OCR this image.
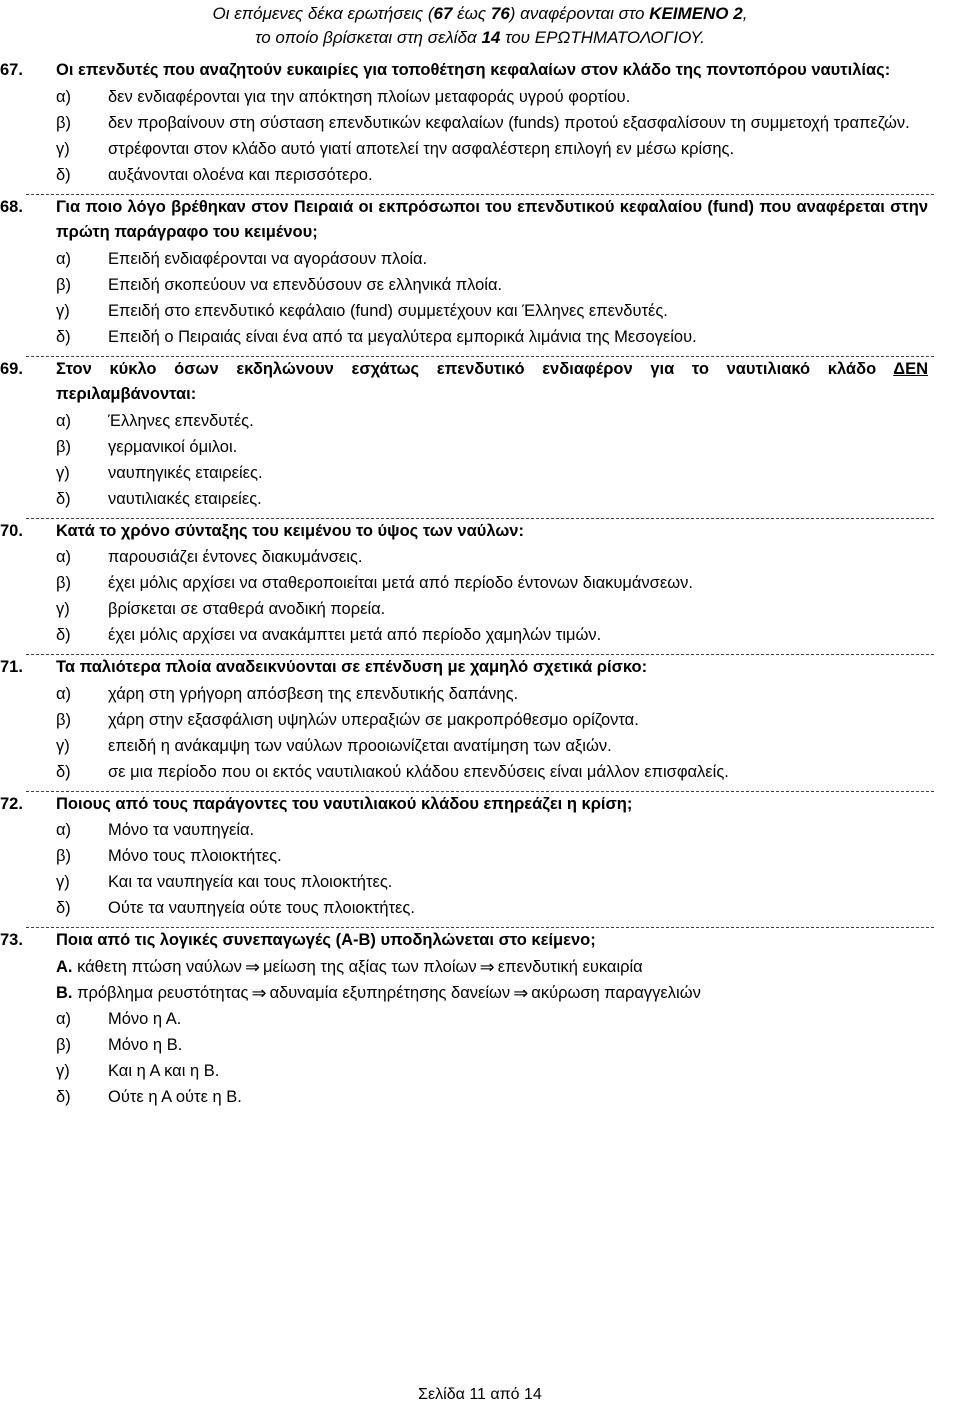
Οι επόμενες δέκα ερωτήσεις (67 έως 76) αναφέρονται στο ΚΕΙΜΕΝΟ 2,
το οποίο βρίσκεται στη σελίδα 14 του ΕΡΩΤΗΜΑΤΟΛΟΓΙΟΥ.
67.	Οι επενδυτές που αναζητούν ευκαιρίες για τοποθέτηση κεφαλαίων στον κλάδο της ποντοπόρου ναυτιλίας:
α) δεν ενδιαφέρονται για την απόκτηση πλοίων μεταφοράς υγρού φορτίου.
β) δεν προβαίνουν στη σύσταση επενδυτικών κεφαλαίων (funds) προτού εξασφαλίσουν τη συμμετοχή τραπεζών.
γ) στρέφονται στον κλάδο αυτό γιατί αποτελεί την ασφαλέστερη επιλογή εν μέσω κρίσης.
δ) αυξάνονται ολοένα και περισσότερο.
68.	Για ποιο λόγο βρέθηκαν στον Πειραιά οι εκπρόσωποι του επενδυτικού κεφαλαίου (fund) που αναφέρεται στην πρώτη παράγραφο του κειμένου;
α) Επειδή ενδιαφέρονται να αγοράσουν πλοία.
β) Επειδή σκοπεύουν να επενδύσουν σε ελληνικά πλοία.
γ) Επειδή στο επενδυτικό κεφάλαιο (fund) συμμετέχουν και Έλληνες επενδυτές.
δ) Επειδή ο Πειραιάς είναι ένα από τα μεγαλύτερα εμπορικά λιμάνια της Μεσογείου.
69.	Στον κύκλο όσων εκδηλώνουν εσχάτως επενδυτικό ενδιαφέρον για το ναυτιλιακό κλάδο ΔΕΝ περιλαμβάνονται:
α) Έλληνες επενδυτές.
β) γερμανικοί όμιλοι.
γ) ναυπηγικές εταιρείες.
δ) ναυτιλιακές εταιρείες.
70.	Κατά το χρόνο σύνταξης του κειμένου το ύψος των ναύλων:
α) παρουσιάζει έντονες διακυμάνσεις.
β) έχει μόλις αρχίσει να σταθεροποιείται μετά από περίοδο έντονων διακυμάνσεων.
γ) βρίσκεται σε σταθερά ανοδική πορεία.
δ) έχει μόλις αρχίσει να ανακάμπτει μετά από περίοδο χαμηλών τιμών.
71.	Τα παλιότερα πλοία αναδεικνύονται σε επένδυση με χαμηλό σχετικά ρίσκο:
α) χάρη στη γρήγορη απόσβεση της επενδυτικής δαπάνης.
β) χάρη στην εξασφάλιση υψηλών υπεραξιών σε μακροπρόθεσμο ορίζοντα.
γ) επειδή η ανάκαμψη των ναύλων προοιωνίζεται ανατίμηση των αξιών.
δ) σε μια περίοδο που οι εκτός ναυτιλιακού κλάδου επενδύσεις είναι μάλλον επισφαλείς.
72.	Ποιους από τους παράγοντες του ναυτιλιακού κλάδου επηρεάζει η κρίση;
α) Μόνο τα ναυπηγεία.
β) Μόνο τους πλοιοκτήτες.
γ) Και τα ναυπηγεία και τους πλοιοκτήτες.
δ) Ούτε τα ναυπηγεία ούτε τους πλοιοκτήτες.
73.	Ποια από τις λογικές συνεπαγωγές (Α-Β) υποδηλώνεται στο κείμενο;
Α. κάθετη πτώση ναύλων ⇒ μείωση της αξίας των πλοίων ⇒ επενδυτική ευκαιρία
Β. πρόβλημα ρευστότητας ⇒ αδυναμία εξυπηρέτησης δανείων ⇒ ακύρωση παραγγελιών
α) Μόνο η Α.
β) Μόνο η Β.
γ) Και η Α και η Β.
δ) Ούτε η Α ούτε η Β.
Σελίδα 11 από 14
